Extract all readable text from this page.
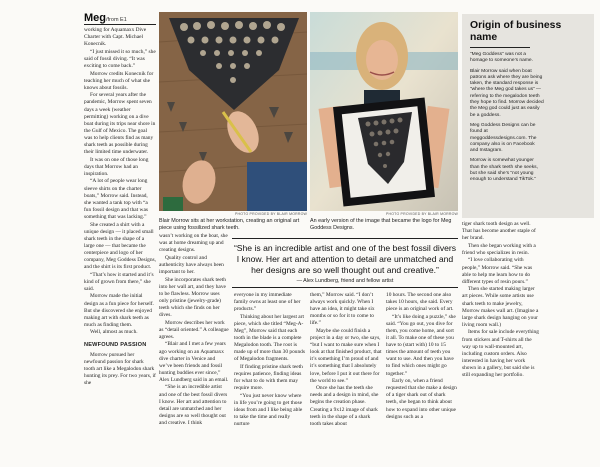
Meg/from E1

working for Aquamaxx Dive Charter with Capt. Michael Konecnik.

“I just missed it so much,” she said of fossil diving. “It was exciting to come back.”

Morrow credits Konecnik for teaching her much of what she knows about fossils.

For several years after the pandemic, Morrow spent seven days a week (weather permitting) working on a dive boat during its trips near shore in the Gulf of Mexico. The goal was to help clients find as many shark teeth as possible during their limited time underwater.

It was on one of those long days that Morrow had an inspiration.

“A lot of people wear long sleeve shirts on the charter boats,” Morrow said. Instead, she wanted a tank top with “a fun fossil design and that was something that was lacking.”

She created a shirt with a unique design — it placed small shark teeth in the shape of a large one — that became the centerpiece and logo of her company, Meg Goddess Designs, and the shirt is its first product.

“That’s how it started and it’s kind of grown from there,” she said.

Morrow made the initial design as a fun piece for herself. But she discovered she enjoyed making art with shark teeth as much as finding them.

Well, almost as much.

NEWFOUND PASSION

Morrow pursued her newfound passion for shark tooth art like a Megalodon shark hunting its prey. For two years, if she

PHOTO PROVIDED BY BLAIR MORROW
Blair Morrow sits at her workstation, creating an original art piece using fossilized shark teeth.
PHOTO PROVIDED BY BLAIR MORROW
An early version of the image that became the logo for Meg Goddess Designs.
“She is an incredible artist and one of the best fossil divers I know. Her art and attention to detail are unmatched and her designs are so well thought out and creative.”
— Alex Lundberg, friend and fellow artist

wasn’t working on the boat, she was at home dreaming up and creating designs.

Quality control and authenticity have always been important to her.

She incorporates shark teeth into her wall art, and they have to be flawless. Morrow uses only pristine (jewelry-grade) teeth which she finds on her dives.

Morrow describes her work as “detail oriented.” A colleague agrees.

“Blair and I met a few years ago working on an Aquamaxx dive charter in Venice and we’ve been friends and fossil hunting buddies ever since,” Alex Lundberg said in an email.

“She is an incredible artist and one of the best fossil divers I know. Her art and attention to detail are unmatched and her designs are so well thought out and creative. I think

everyone in my immediate family owns at least one of her products.”

Thinking about her largest art piece, which she titled “Meg-A-Meg”, Morrow said that each tooth in the blade is a complete Megalodon tooth. The root is made up of more than 30 pounds of Megalodon fragments.

If finding pristine shark teeth requires patience, finding ideas for what to do with them may require more.

“You just never know where in life you’re going to get those ideas from and I like being able to take the time and really nurture

them,” Morrow said. “I don’t always work quickly. When I have an idea, it might take six months or so for it to come to life.”

Maybe she could finish a project in a day or two, she says, “but I want to make sure when I look at that finished product, that it’s something I’m proud of and it’s something that I absolutely love, before I put it out there for the world to see.”

Once she has the teeth she needs and a design in mind, she begins the creation phase. Creating a 9x12 image of shark teeth in the shape of a shark tooth takes about

10 hours. The second one also takes 10 hours, she said. Every piece is an original work of art.

“It’s like doing a puzzle,” she said. “You go out, you dive for them, you come home, and sort it all. To make one of these you have to (start with) 10 to 15 times the amount of teeth you want to use. And then you have to find which ones might go together.”

Early on, when a friend requested that she make a design of a tiger shark out of shark teeth, she began to think about how to expand into other unique designs such as a

Origin of business name

“Meg Goddess” was not a homage to someone’s name.

Blair Morrow said when boat patrons ask where they are being taken, the standard response is “where the Meg god takes us” — referring to the megalodon teeth they hope to find. Morrow decided the Meg god could just as easily be a goddess.

Meg Goddess Designs can be found at meggoddessdesigns.com. The company also is on Facebook and Instagram.

Morrow is somewhat younger than the shark teeth she seeks, but she said she’s “not young enough to understand TikTok.”

tiger shark tooth design as well. That has become another staple of her brand.

Then she began working with a friend who specializes in resin.

“I love collaborating with people,” Morrow said. “She was able to help me learn how to do different types of resin pours.”

Then she started making larger art pieces. While some artists use shark teeth to make jewelry, Morrow makes wall art. (Imagine a large shark design hanging on your living room wall.)

Items for sale include everything from stickers and T-shirts all the way up to wall-mounted art, including custom orders. Also interested in having her work shown in a gallery, but said she is still expanding her portfolio.
